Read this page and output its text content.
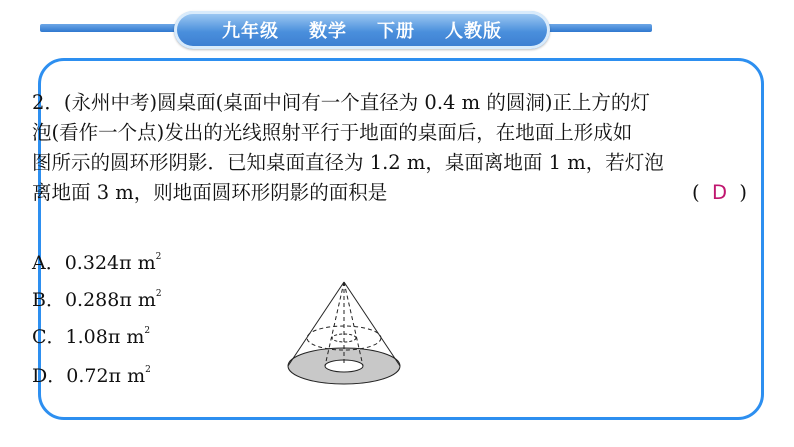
九年级 数学 下册 人教版

2．(永州中考)圆桌面(桌面中间有一个直径为 0.4 m 的圆洞)正上方的灯

泡(看作一个点)发出的光线照射平行于地面的桌面后，在地面上形成如

图所示的圆环形阴影．已知桌面直径为 1.2 m，桌面离地面 1 m，若灯泡

离地面 3 m，则地面圆环形阴影的面积是	(  D  )

A．0.324π $m^2$
B．0.288π $m^2$
C．1.08π $m^2$
D．0.72π $m^2$
